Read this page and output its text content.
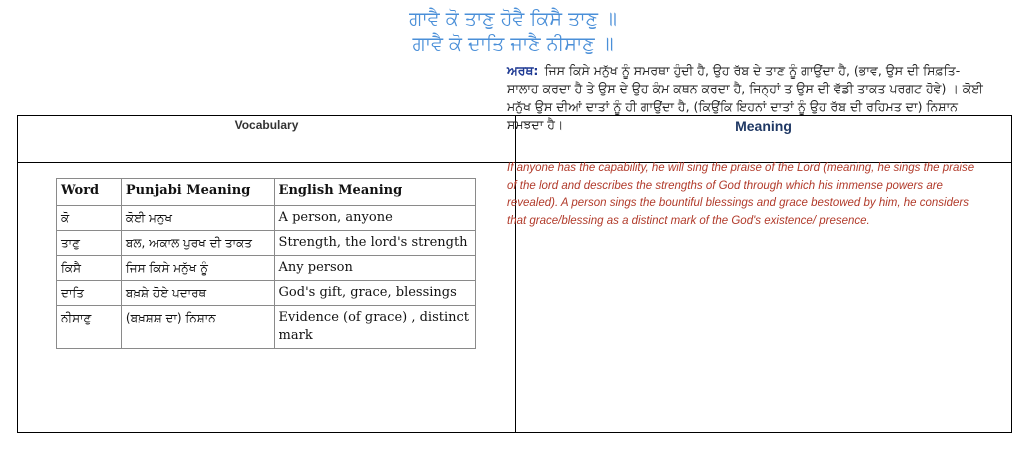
ਗਾਵੈ ਕੋ ਤਾਣੁ ਹੋਵੈ ਕਿਸੈ ਤਾਣੁ ॥
ਗਾਵੈ ਕੋ ਦਾਤਿ ਜਾਣੈ ਨੀਸਾਣੁ ॥
Vocabulary	Meaning
Word	Punjabi Meaning	English Meaning
ਕੋ	ਕੋਈ ਮਨੁਖ	A person, anyone
ਤਾਣੁ	ਬਲ, ਅਕਾਲ ਪੁਰਖ ਦੀ ਤਾਕਤ	Strength, the lord's strength
ਕਿਸੈ	ਜਿਸ ਕਿਸੇ ਮਨੁੱਖ ਨੂੰ	Any person
ਦਾਤਿ	ਬਖ਼ਸ਼ੇ ਹੋਏ ਪਦਾਰਥ	God's gift, grace, blessings
ਨੀਸਾਣੁ	(ਬਖ਼ਸ਼ਸ਼ ਦਾ) ਨਿਸ਼ਾਨ	Evidence (of grace) , distinct mark

ਅਰਥ: ਜਿਸ ਕਿਸੇ ਮਨੁੱਖ ਨੂੰ ਸਮਰਥਾ ਹੁੰਦੀ ਹੈ, ਉਹ ਰੱਬ ਦੇ ਤਾਣ ਨੂੰ ਗਾਉਂਦਾ ਹੈ, (ਭਾਵ, ਉਸ ਦੀ ਸਿਫ਼ਤਿ-ਸਾਲਾਹ ਕਰਦਾ ਹੈ ਤੇ ਉਸ ਦੇ ਉਹ ਕੰਮ ਕਥਨ ਕਰਦਾ ਹੈ, ਜਿਨ੍ਹਾਂ ਤ ਉਸ ਦੀ ਵੱਡੀ ਤਾਕਤ ਪਰਗਟ ਹੋਵੇ) । ਕੋਈ ਮਨੁੱਖ ਉਸ ਦੀਆਂ ਦਾਤਾਂ ਨੂੰ ਹੀ ਗਾਉਂਦਾ ਹੈ, (ਕਿਉਂਕਿ ਇਹਨਾਂ ਦਾਤਾਂ ਨੂੰ ਉਹ ਰੱਬ ਦੀ ਰਹਿਮਤ ਦਾ) ਨਿਸ਼ਾਨ ਸਮਝਦਾ ਹੈ।

If anyone has the capability, he will sing the praise of the Lord (meaning, he sings the praise of the lord and describes the strengths of God through which his immense powers are revealed). A person sings the bountiful blessings and grace bestowed by him, he considers that grace/blessing as a distinct mark of the God's existence/ presence.
